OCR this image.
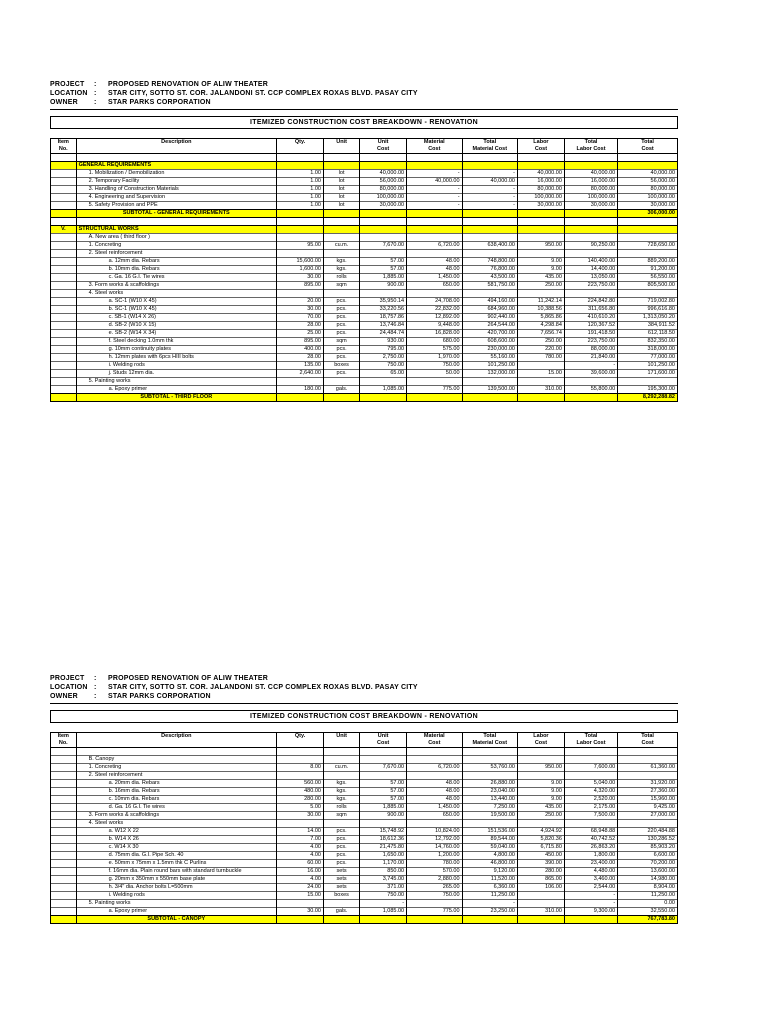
PROJECT	:	PROPOSED RENOVATION OF ALIW THEATER
LOCATION :	STAR CITY, SOTTO ST. COR. JALANDONI ST. CCP COMPLEX ROXAS BLVD. PASAY CITY
OWNER	:	STAR PARKS CORPORATION
ITEMIZED CONSTRUCTION COST BREAKDOWN - RENOVATION
Item	Description	Qty.	Unit	Unit	Material	Total	Labor	Total	Total
No.				Cost	Cost	Material Cost	Cost	Labor Cost	Cost

	GENERAL REQUIREMENTS								
	1. Mobilization / Demobilization	1.00	lot	40,000.00	-	-	40,000.00	40,000.00	40,000.00
	2. Temporary Facility	1.00	lot	56,000.00	40,000.00	40,000.00	16,000.00	16,000.00	56,000.00
	3. Handling of Construction Materials	1.00	lot	80,000.00	-	-	80,000.00	80,000.00	80,000.00
	4. Engineering and Supervision	1.00	lot	100,000.00	-	-	100,000.00	100,000.00	100,000.00
	5. Safety Provision and PPE	1.00	lot	30,000.00	-	-	30,000.00	30,000.00	30,000.00
	SUBTOTAL - GENERAL REQUIREMENTS								306,000.00

V.	STRUCTURAL WORKS								
	A. New area ( third floor )								
	1. Concreting	95.00	cu.m.	7,670.00	6,720.00	638,400.00	950.00	90,250.00	728,650.00
	2. Steel reinforcement								
	a. 12mm dia. Rebars	15,600.00	kgs.	57.00	48.00	748,800.00	9.00	140,400.00	889,200.00
	b. 10mm dia. Rebars	1,600.00	kgs.	57.00	48.00	76,800.00	9.00	14,400.00	91,200.00
	c. Ga. 16 G.I. Tie wires	30.00	rolls	1,885.00	1,450.00	43,500.00	435.00	13,050.00	56,550.00
	3. Form works & scaffoldings	895.00	sqm	900.00	650.00	581,750.00	250.00	223,750.00	805,500.00
	4. Steel works								
	a. SC-1 (W10 X 45)	20.00	pcs.	35,950.14	24,708.00	494,160.00	11,242.14	224,842.80	719,002.80
	b. SC-1 (W10 X 45)	30.00	pcs.	33,220.56	22,832.00	684,960.00	10,388.56	311,656.80	996,616.80
	c. SB-1 (W14 X 26)	70.00	pcs.	18,757.86	12,892.00	902,440.00	5,865.86	410,610.20	1,313,050.20
	d. SB-2 (W10 X 15)	28.00	pcs.	13,746.84	9,448.00	264,544.00	4,298.84	120,367.52	384,911.52
	e. SB-2 (W14 X 34)	25.00	pcs.	24,484.74	16,828.00	420,700.00	7,656.74	191,418.50	612,118.50
	f. Steel decking 1.0mm thk	895.00	sqm	930.00	680.00	608,600.00	250.00	223,750.00	832,350.00
	g. 10mm continuity plates	400.00	pcs.	795.00	575.00	230,000.00	220.00	88,000.00	318,000.00
	h. 12mm plates with 6pcs HIII bolts	28.00	pcs.	2,750.00	1,970.00	55,160.00	780.00	21,840.00	77,000.00
	i. Welding rods	135.00	boxes	750.00	750.00	101,250.00		-	101,250.00
	j. Studs 12mm dia.	2,640.00	pcs.	65.00	50.00	132,000.00	15.00	39,600.00	171,600.00
	5. Painting works								
	a. Epoxy primer	180.00	gals.	1,085.00	775.00	139,500.00	310.00	55,800.00	195,300.00
	SUBTOTAL - THIRD FLOOR								8,292,288.82
PROJECT	:	PROPOSED RENOVATION OF ALIW THEATER
LOCATION :	STAR CITY, SOTTO ST. COR. JALANDONI ST. CCP COMPLEX ROXAS BLVD. PASAY CITY
OWNER	:	STAR PARKS CORPORATION
ITEMIZED CONSTRUCTION COST BREAKDOWN - RENOVATION
Item	Description	Qty.	Unit	Unit	Material	Total	Labor	Total	Total
No.				Cost	Cost	Material Cost	Cost	Labor Cost	Cost

	B. Canopy								
	1. Concreting	8.00	cu.m.	7,670.00	6,720.00	53,760.00	950.00	7,600.00	61,360.00
	2. Steel reinforcement								
	a. 20mm dia. Rebars	560.00	kgs.	57.00	48.00	26,880.00	9.00	5,040.00	31,920.00
	b. 16mm dia. Rebars	480.00	kgs.	57.00	48.00	23,040.00	9.00	4,320.00	27,360.00
	c. 10mm dia. Rebars	280.00	kgs.	57.00	48.00	13,440.00	9.00	2,520.00	15,960.00
	d. Ga. 16 G.I. Tie wires	5.00	rolls	1,885.00	1,450.00	7,250.00	435.00	2,175.00	9,425.00
	3. Form works & scaffoldings	30.00	sqm	900.00	650.00	19,500.00	250.00	7,500.00	27,000.00
	4. Steel works								
	a. W12 X 22	14.00	pcs.	15,748.92	10,824.00	151,536.00	4,924.92	68,948.88	220,484.88
	b. W14 X 26	7.00	pcs.	18,612.36	12,792.00	89,544.00	5,820.36	40,742.52	130,286.52
	c. W14 X 30	4.00	pcs.	21,475.80	14,760.00	59,040.00	6,715.80	26,863.20	85,903.20
	d. 75mm dia. G.I. Pipe Sch. 40	4.00	pcs.	1,650.00	1,200.00	4,800.00	450.00	1,800.00	6,600.00
	e. 50mm x 75mm x 1.5mm thk C Purlins	60.00	pcs.	1,170.00	780.00	46,800.00	390.00	23,400.00	70,200.00
	f. 16mm dia. Plain round bars with standard turnbuckle	16.00	sets	850.00	570.00	9,120.00	280.00	4,480.00	13,600.00
	g. 20mm x 350mm x 550mm base plate	4.00	sets	3,745.00	2,880.00	11,520.00	865.00	3,460.00	14,980.00
	h. 3/4" dia. Anchor bolts L=500mm	24.00	sets	371.00	265.00	6,360.00	106.00	2,544.00	8,904.00
	i. Welding rods	15.00	boxes	750.00	750.00	11,250.00		-	11,250.00
	5. Painting works			-		-		-	0.00
	a. Epoxy primer	30.00	gals.	1,085.00	775.00	23,250.00	310.00	9,300.00	32,550.00
	SUBTOTAL - CANOPY								767,783.80
